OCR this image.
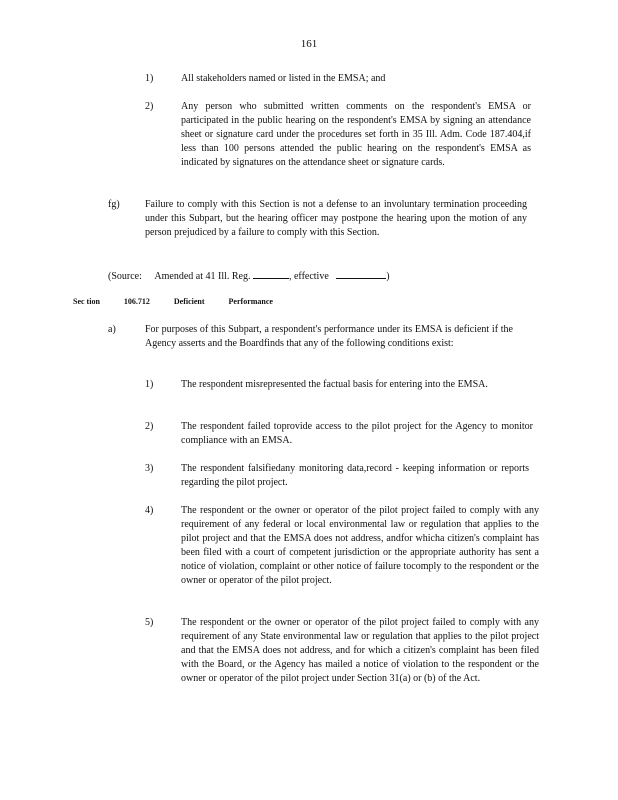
161
1)	All stakeholders named or listed in the EMSA; and

2)	Any person who submitted written comments on the respondent's EMSA or participated in the public hearing on the respondent's EMSA by signing an attendance sheet or signature card under the procedures set forth in 35 Ill. Adm. Code 187.404,if less than 100 persons attended the public hearing on the respondent's EMSA as indicated by signatures on the attendance sheet or signature cards.

fg)	Failure to comply with this Section is not a defense to an involuntary termination proceeding under this Subpart, but the hearing officer may postpone the hearing upon the motion of any person prejudiced by a failure to comply with this Section.

(Source: Amended at 41 Ill. Reg.	, effective	)
Sec tion	106.712	Deficient	Performance
a)	For purposes of this Subpart, a respondent's performance under its EMSA is deficient if the Agency asserts and the Boardfinds that any of the following conditions exist:

1)	The respondent misrepresented the factual basis for entering into the EMSA.

2)	The respondent failed toprovide access to the pilot project for the Agency to monitor compliance with an EMSA.

3)	The respondent falsifiedany monitoring data,record - keeping information or reports regarding the pilot project.

4)	The respondent or the owner or operator of the pilot project failed to comply with any requirement of any federal or local environmental law or regulation that applies to the pilot project and that the EMSA does not address, andfor whicha citizen's complaint has been filed with a court of competent jurisdiction or the appropriate authority has sent a notice of violation, complaint or other notice of failure tocomply to the respondent or the owner or operator of the pilot project.

5)	The respondent or the owner or operator of the pilot project failed to comply with any requirement of any State environmental law or regulation that applies to the pilot project and that the EMSA does not address, and for which a citizen's complaint has been filed with the Board, or the Agency has mailed a notice of violation to the respondent or the owner or operator of the pilot project under Section 31(a) or (b) of the Act.
